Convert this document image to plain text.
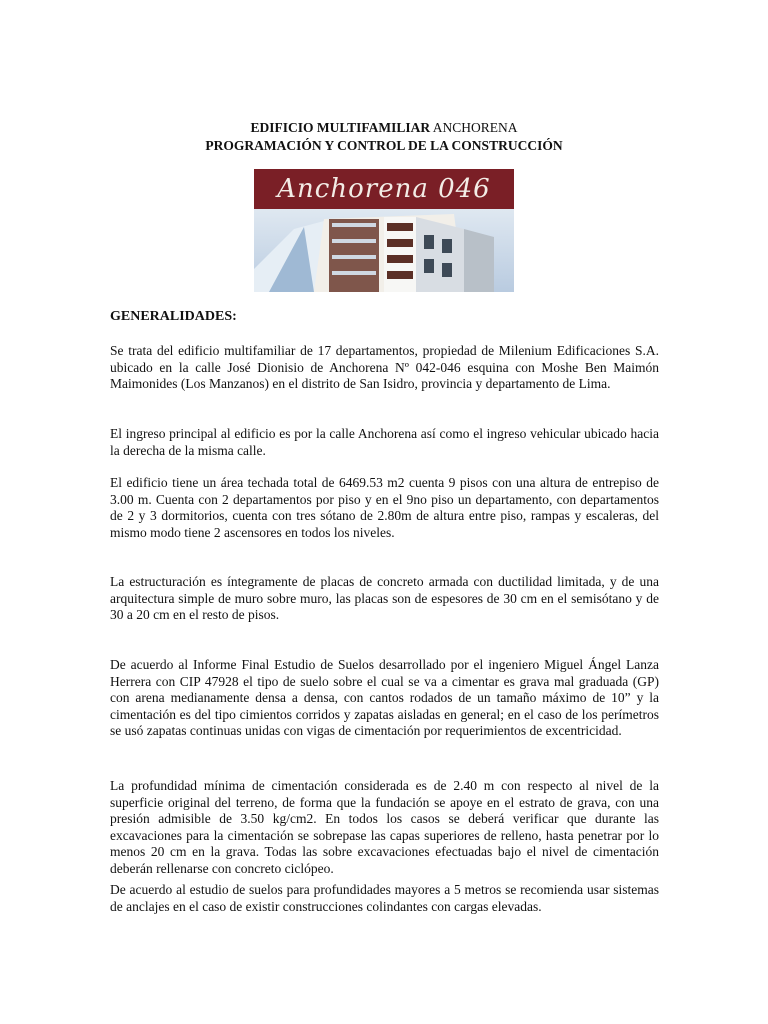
EDIFICIO MULTIFAMILIAR ANCHORENA
PROGRAMACIÓN Y CONTROL DE LA CONSTRUCCIÓN
Anchorena 046
GENERALIDADES:

Se trata del edificio multifamiliar de 17 departamentos, propiedad de Milenium Edificaciones S.A. ubicado en la calle José Dionisio de Anchorena Nº 042-046 esquina con Moshe Ben Maimón Maimonides (Los Manzanos) en el distrito de San Isidro, provincia y departamento de Lima.

El ingreso principal al edificio es por la calle Anchorena así como el ingreso vehicular ubicado hacia la derecha de la misma calle.

El edificio tiene un área techada total de 6469.53 m2 cuenta 9 pisos con una altura de entrepiso de 3.00 m. Cuenta con 2 departamentos por piso y en el 9no piso un departamento, con departamentos de 2 y 3 dormitorios, cuenta con tres sótano de 2.80m de altura entre piso, rampas y escaleras, del mismo modo tiene 2 ascensores en todos los niveles.

La estructuración es íntegramente de placas de concreto armada con ductilidad limitada, y de una arquitectura simple de muro sobre muro, las placas son de espesores de 30 cm en el semisótano y de 30 a 20 cm en el resto de pisos.

De acuerdo al Informe Final Estudio de Suelos desarrollado por el ingeniero Miguel Ángel Lanza Herrera con CIP 47928 el tipo de suelo sobre el cual se va a cimentar es grava mal graduada (GP) con arena medianamente densa a densa, con cantos rodados de un tamaño máximo de 10” y la cimentación es del tipo cimientos corridos y zapatas aisladas en general; en el caso de los perímetros se usó zapatas continuas unidas con vigas de cimentación por requerimientos de excentricidad.

La profundidad mínima de cimentación considerada es de 2.40 m con respecto al nivel de la superficie original del terreno, de forma que la fundación se apoye en el estrato de grava, con una presión admisible de 3.50 kg/cm2. En todos los casos se deberá verificar que durante las excavaciones para la cimentación se sobrepase las capas superiores de relleno, hasta penetrar por lo menos 20 cm en la grava. Todas las sobre excavaciones efectuadas bajo el nivel de cimentación deberán rellenarse con concreto ciclópeo.

De acuerdo al estudio de suelos para profundidades mayores a 5 metros se recomienda usar sistemas de anclajes en el caso de existir construcciones colindantes con cargas elevadas.
